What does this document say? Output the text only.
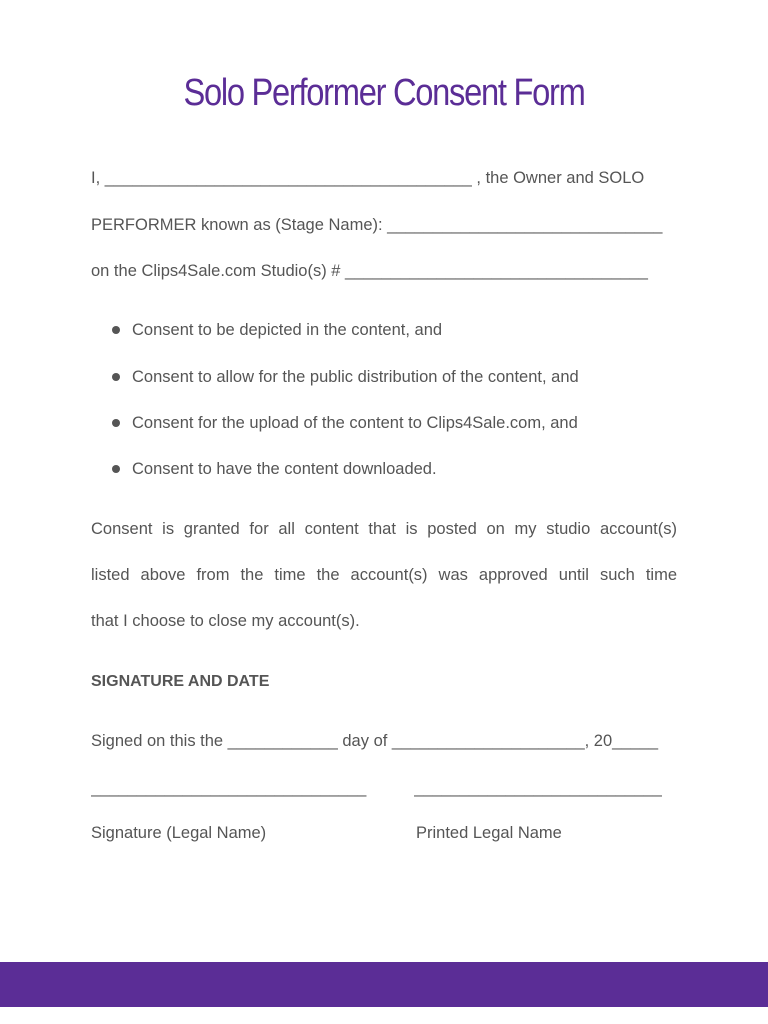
Solo Performer Consent Form
I, ________________________________________ , the Owner and SOLO
PERFORMER known as (Stage Name): ______________________________
on the Clips4Sale.com Studio(s) # _________________________________
Consent to be depicted in the content, and
Consent to allow for the public distribution of the content, and
Consent for the upload of the content to Clips4Sale.com, and
Consent to have the content downloaded.
Consent is granted for all content that is posted on my studio account(s)
listed above from the time the account(s) was approved until such time
that I choose to close my account(s).
SIGNATURE AND DATE
Signed on this the ____________ day of _____________________, 20_____
______________________________	___________________________
Signature (Legal Name)	Printed Legal Name
